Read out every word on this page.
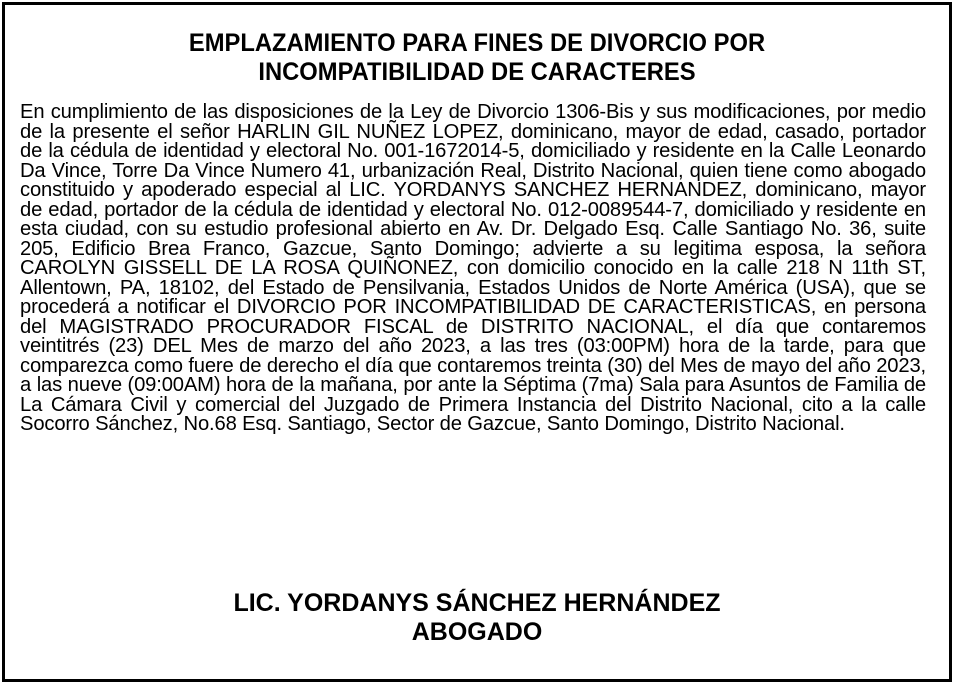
EMPLAZAMIENTO PARA FINES DE DIVORCIO POR
INCOMPATIBILIDAD DE CARACTERES
En cumplimiento de las disposiciones de la Ley de Divorcio 1306-Bis y sus modificaciones, por medio de la presente el señor HARLIN GIL NUÑEZ LOPEZ, dominicano, mayor de edad, casado, portador de la cédula de identidad y electoral No. 001-1672014-5, domiciliado y residente en la Calle Leonardo Da Vince, Torre Da Vince Numero 41, urbanización Real, Distrito Nacional, quien tiene como abogado constituido y apoderado especial al LIC. YORDANYS SANCHEZ HERNANDEZ, dominicano, mayor de edad, portador de la cédula de identidad y electoral No. 012-0089544-7, domiciliado y residente en esta ciudad, con su estudio profesional abierto en Av. Dr. Delgado Esq. Calle Santiago No. 36, suite 205, Edificio Brea Franco, Gazcue, Santo Domingo; advierte a su legitima esposa, la señora CAROLYN GISSELL DE LA ROSA QUIÑONEZ, con domicilio conocido en la calle 218 N 11th ST, Allentown, PA, 18102, del Estado de Pensilvania, Estados Unidos de Norte América (USA), que se procederá a notificar el DIVORCIO POR INCOMPATIBILIDAD DE CARACTERISTICAS, en persona del MAGISTRADO PROCURADOR FISCAL de DISTRITO NACIONAL, el día que contaremos veintitrés (23) DEL Mes de marzo del año 2023, a las tres (03:00PM) hora de la tarde, para que comparezca como fuere de derecho el día que contaremos treinta (30) del Mes de mayo del año 2023, a las nueve (09:00AM) hora de la mañana, por ante la Séptima (7ma) Sala para Asuntos de Familia de La Cámara Civil y comercial del Juzgado de Primera Instancia del Distrito Nacional, cito a la calle Socorro Sánchez, No.68 Esq. Santiago, Sector de Gazcue, Santo Domingo, Distrito Nacional.
LIC. YORDANYS SÁNCHEZ HERNÁNDEZ
ABOGADO
